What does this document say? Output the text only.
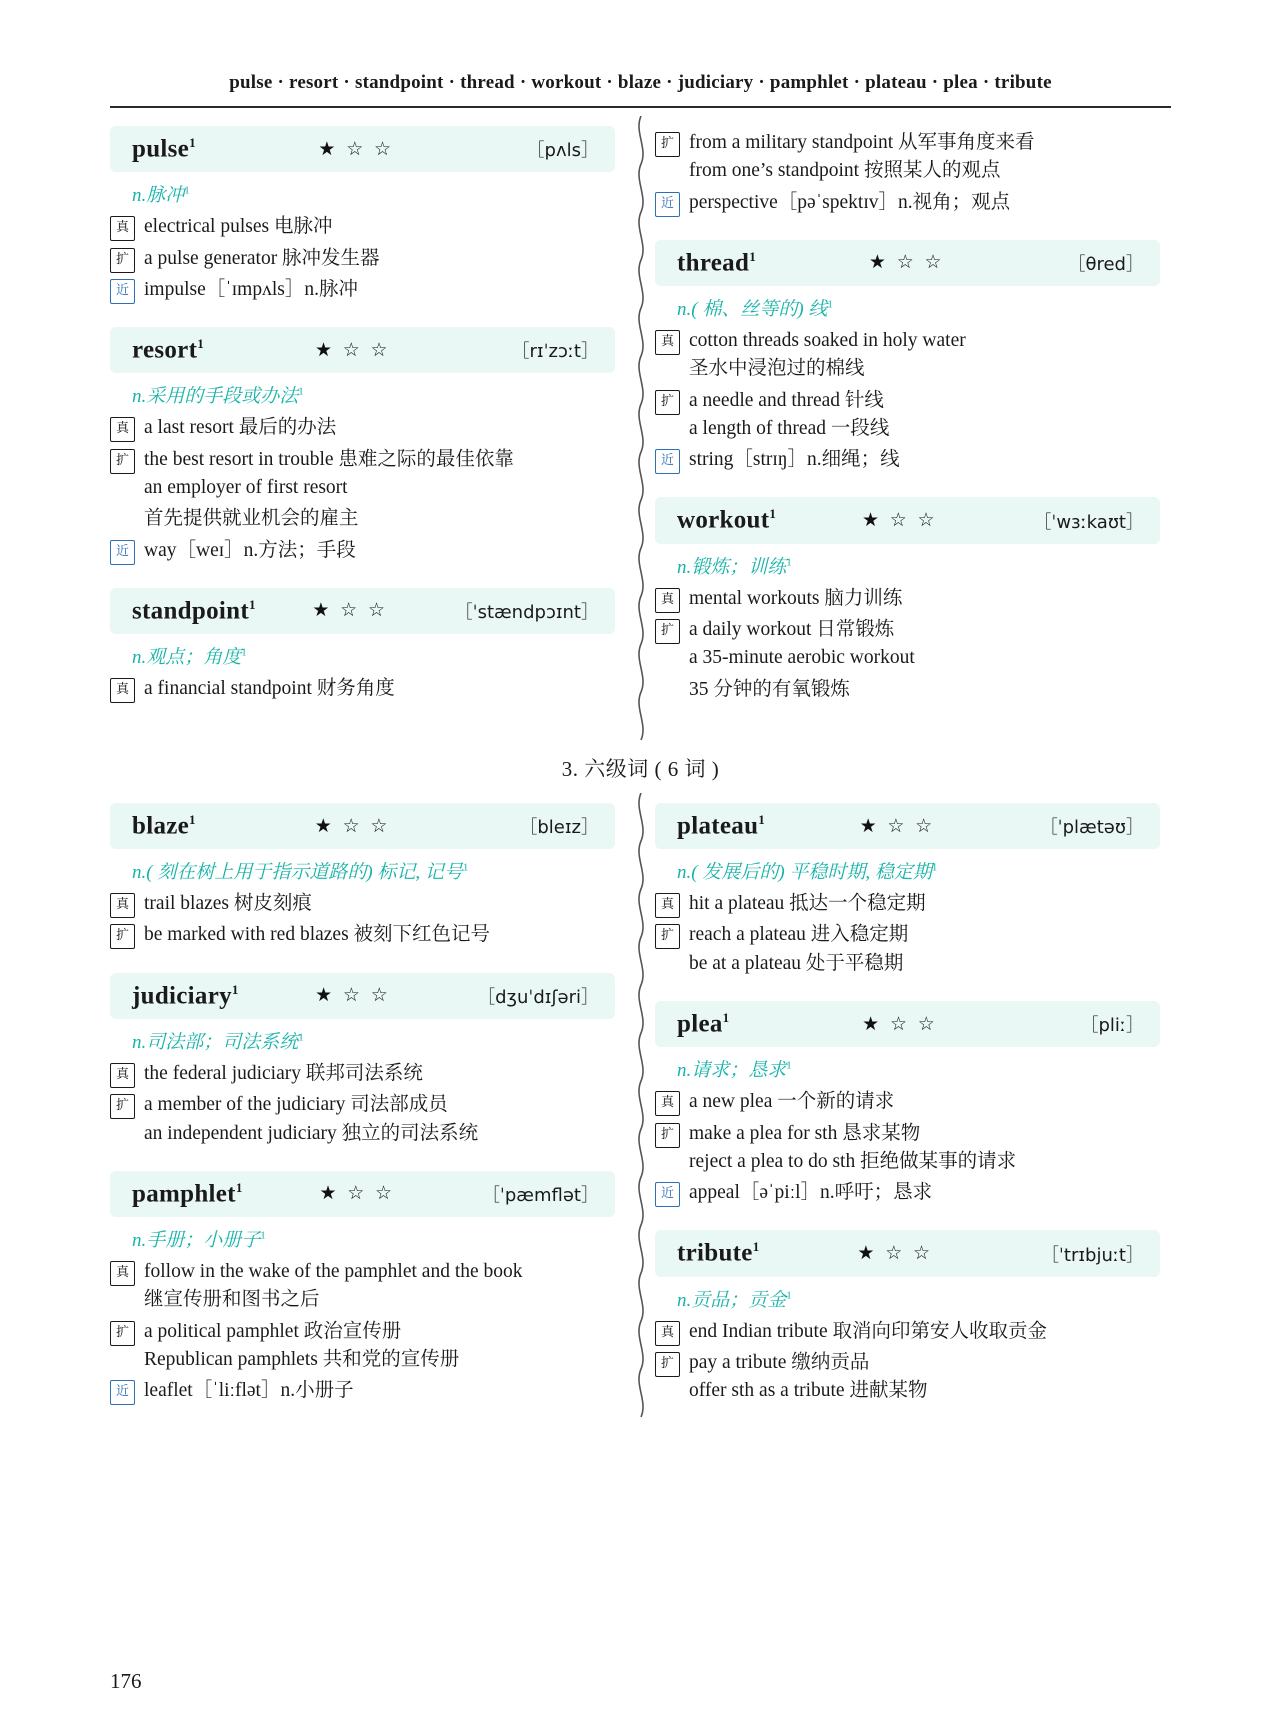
pulse · resort · standpoint · thread · workout · blaze · judiciary · pamphlet · plateau · plea · tribute
pulse$^1$	★ ☆ ☆	［pʌls］
n.脉冲$^1$
真 electrical pulses 电脉冲
扩 a pulse generator 脉冲发生器
近 impulse［ˈɪmpʌls］n.脉冲
resort$^1$	★ ☆ ☆	［rɪˈzɔːt］
n.采用的手段或办法$^1$
真 a last resort 最后的办法
扩 the best resort in trouble 患难之际的最佳依靠
an employer of first resort
首先提供就业机会的雇主
近 way［weɪ］n.方法；手段
standpoint$^1$	★ ☆ ☆	［ˈstændpɔɪnt］
n.观点；角度$^1$
真 a financial standpoint 财务角度
扩 from a military standpoint 从军事角度来看
from one’s standpoint 按照某人的观点
近 perspective［pəˈspektɪv］n.视角；观点
thread$^1$	★ ☆ ☆	［θred］
n.( 棉、丝等的) 线$^1$
真 cotton threads soaked in holy water
圣水中浸泡过的棉线
扩 a needle and thread 针线
a length of thread 一段线
近 string［strɪŋ］n.细绳；线
workout$^1$	★ ☆ ☆	［ˈwɜːkaʊt］
n.锻炼；训练$^1$
真 mental workouts 脑力训练
扩 a daily workout 日常锻炼
a 35-minute aerobic workout
35 分钟的有氧锻炼
3. 六级词 ( 6 词 )
blaze$^1$	★ ☆ ☆	［bleɪz］
n.( 刻在树上用于指示道路的) 标记, 记号$^1$
真 trail blazes 树皮刻痕
扩 be marked with red blazes 被刻下红色记号
judiciary$^1$	★ ☆ ☆	［dʒuˈdɪʃəri］
n.司法部；司法系统$^1$
真 the federal judiciary 联邦司法系统
扩 a member of the judiciary 司法部成员
an independent judiciary 独立的司法系统
pamphlet$^1$	★ ☆ ☆	［ˈpæmflət］
n.手册；小册子$^1$
真 follow in the wake of the pamphlet and the book
继宣传册和图书之后
扩 a political pamphlet 政治宣传册
Republican pamphlets 共和党的宣传册
近 leaflet［ˈliːflət］n.小册子
plateau$^1$	★ ☆ ☆	［ˈplætəʊ］
n.( 发展后的) 平稳时期, 稳定期$^1$
真 hit a plateau 抵达一个稳定期
扩 reach a plateau 进入稳定期
be at a plateau 处于平稳期
plea$^1$	★ ☆ ☆	［pliː］
n.请求；恳求$^1$
真 a new plea 一个新的请求
扩 make a plea for sth 恳求某物
reject a plea to do sth 拒绝做某事的请求
近 appeal［əˈpiːl］n.呼吁；恳求
tribute$^1$	★ ☆ ☆	［ˈtrɪbjuːt］
n.贡品；贡金$^1$
真 end Indian tribute 取消向印第安人收取贡金
扩 pay a tribute 缴纳贡品
offer sth as a tribute 进献某物
176
